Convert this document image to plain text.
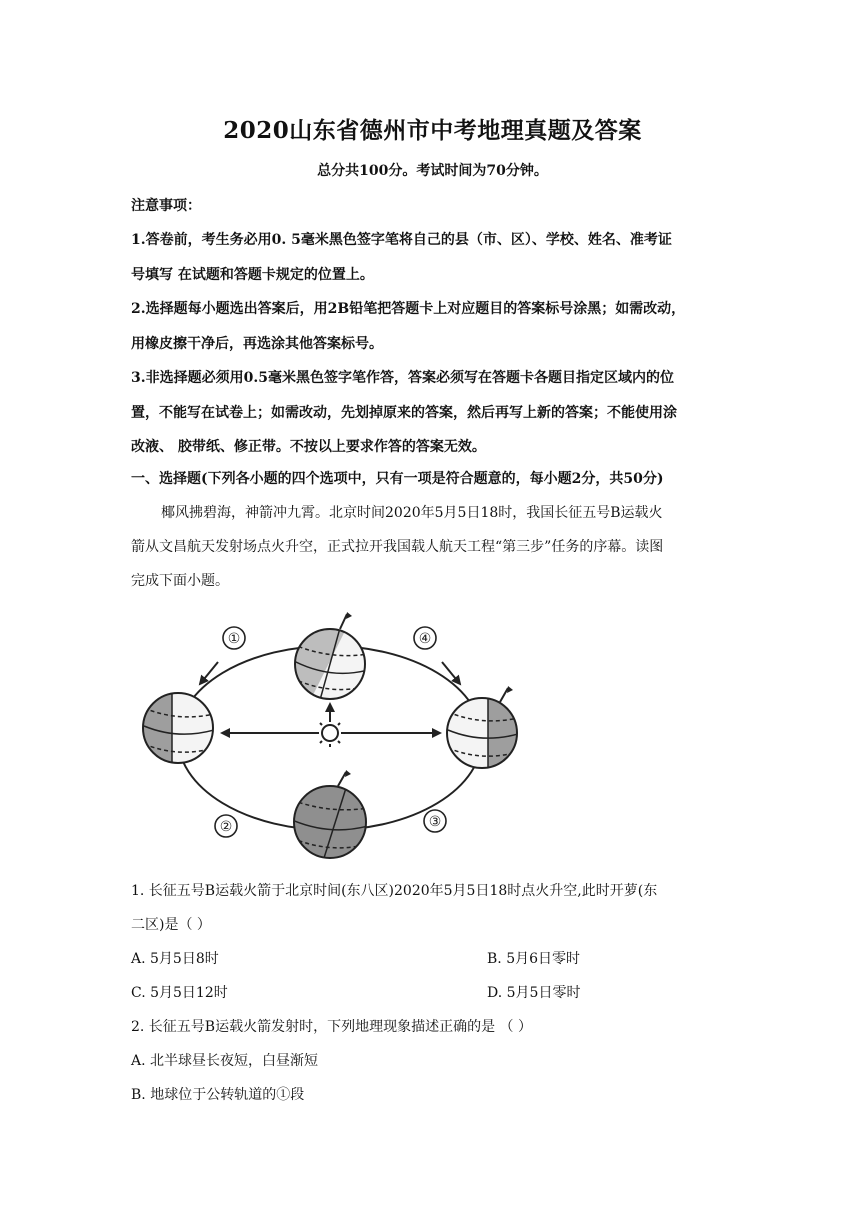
2020山东省德州市中考地理真题及答案
总分共100分。考试时间为70分钟。
注意事项：
1.答卷前，考生务必用0. 5毫米黑色签字笔将自己的县（市、区）、学校、姓名、准考证
号填写 在试题和答题卡规定的位置上。
2.选择题每小题选出答案后，用2B铅笔把答题卡上对应题目的答案标号涂黑；如需改动，
用橡皮擦干净后，再选涂其他答案标号。
3.非选择题必须用0.5毫米黑色签字笔作答，答案必须写在答题卡各题目指定区域内的位
置，不能写在试卷上；如需改动，先划掉原来的答案，然后再写上新的答案；不能使用涂
改液、 胶带纸、修正带。不按以上要求作答的答案无效。
一、选择题(下列各小题的四个选项中，只有一项是符合题意的，每小题2分，共50分)
椰风拂碧海，神箭冲九霄。北京时间2020年5月5日18时，我国长征五号B运载火
箭从文昌航天发射场点火升空，正式拉开我国载人航天工程“第三步”任务的序幕。读图
完成下面小题。
①	④
②	③
1. 长征五号B运载火箭于北京时间(东八区)2020年5月5日18时点火升空,此时开萝(东
二区)是（ ）
A. 5月5日8时	B. 5月6日零时
C. 5月5日12时	D. 5月5日零时
2. 长征五号B运载火箭发射时，下列地理现象描述正确的是 （ ）
A. 北半球昼长夜短，白昼渐短
B. 地球位于公转轨道的①段
